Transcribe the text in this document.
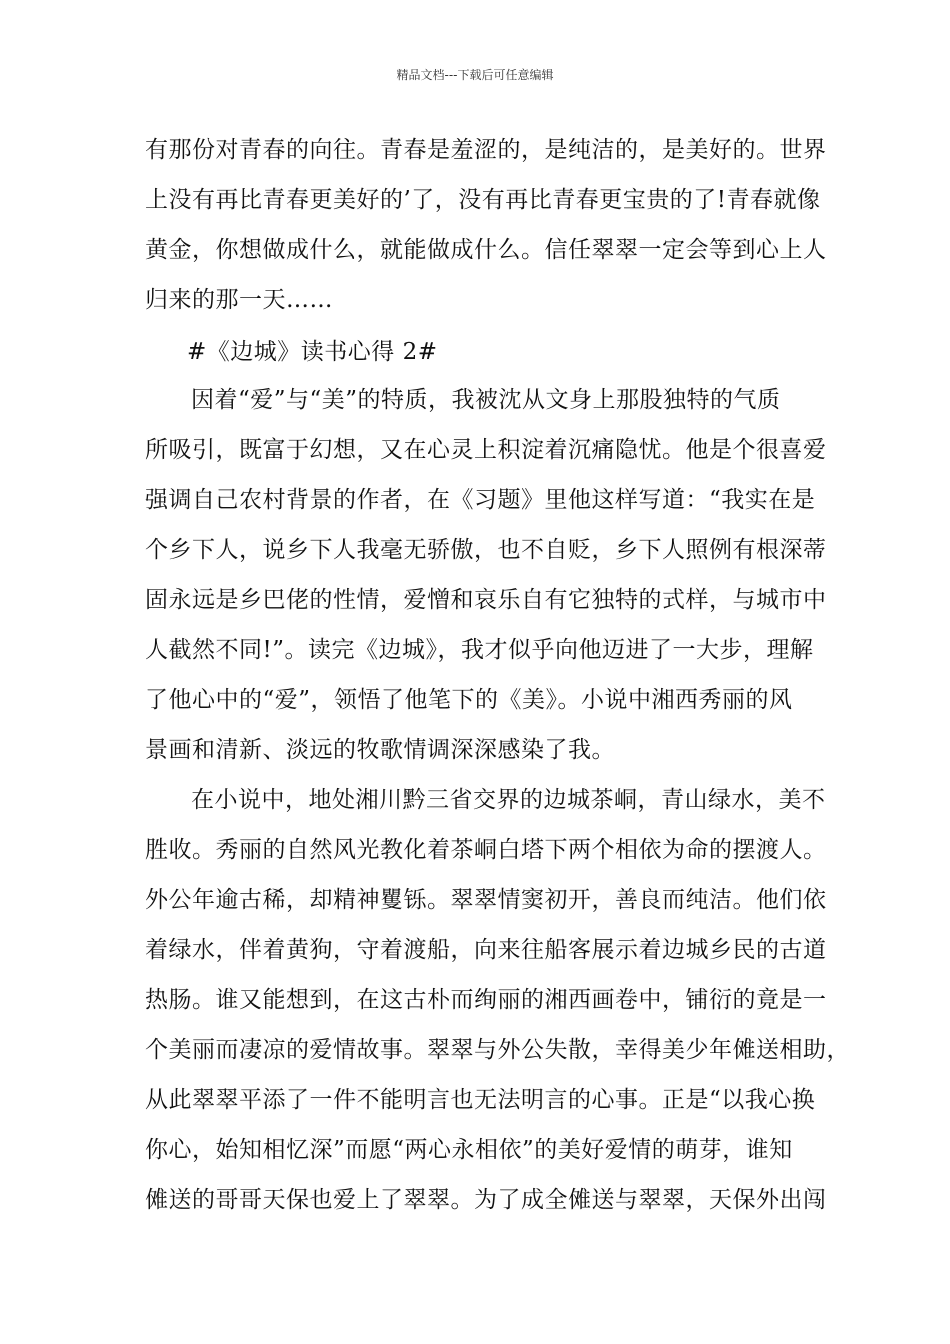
精品文档---下载后可任意编辑
有那份对青春的向往。青春是羞涩的，是纯洁的，是美好的。世界
上没有再比青春更美好的’了，没有再比青春更宝贵的了!青春就像
黄金，你想做成什么，就能做成什么。信任翠翠一定会等到心上人
归来的那一天……
#《边城》读书心得 2#
因着“爱”与“美”的特质，我被沈从文身上那股独特的气质
所吸引，既富于幻想，又在心灵上积淀着沉痛隐忧。他是个很喜爱
强调自己农村背景的作者，在《习题》里他这样写道：“我实在是
个乡下人，说乡下人我毫无骄傲，也不自贬，乡下人照例有根深蒂
固永远是乡巴佬的性情，爱憎和哀乐自有它独特的式样，与城市中
人截然不同!”。读完《边城》，我才似乎向他迈进了一大步，理解
了他心中的“爱”，领悟了他笔下的《美》。小说中湘西秀丽的风
景画和清新、淡远的牧歌情调深深感染了我。
在小说中，地处湘川黔三省交界的边城茶峒，青山绿水，美不
胜收。秀丽的自然风光教化着茶峒白塔下两个相依为命的摆渡人。
外公年逾古稀，却精神矍铄。翠翠情窦初开，善良而纯洁。他们依
着绿水，伴着黄狗，守着渡船，向来往船客展示着边城乡民的古道
热肠。谁又能想到，在这古朴而绚丽的湘西画卷中，铺衍的竟是一
个美丽而凄凉的爱情故事。翠翠与外公失散，幸得美少年傩送相助，
从此翠翠平添了一件不能明言也无法明言的心事。正是“以我心换
你心，始知相忆深”而愿“两心永相依”的美好爱情的萌芽，谁知
傩送的哥哥天保也爱上了翠翠。为了成全傩送与翠翠，天保外出闯
